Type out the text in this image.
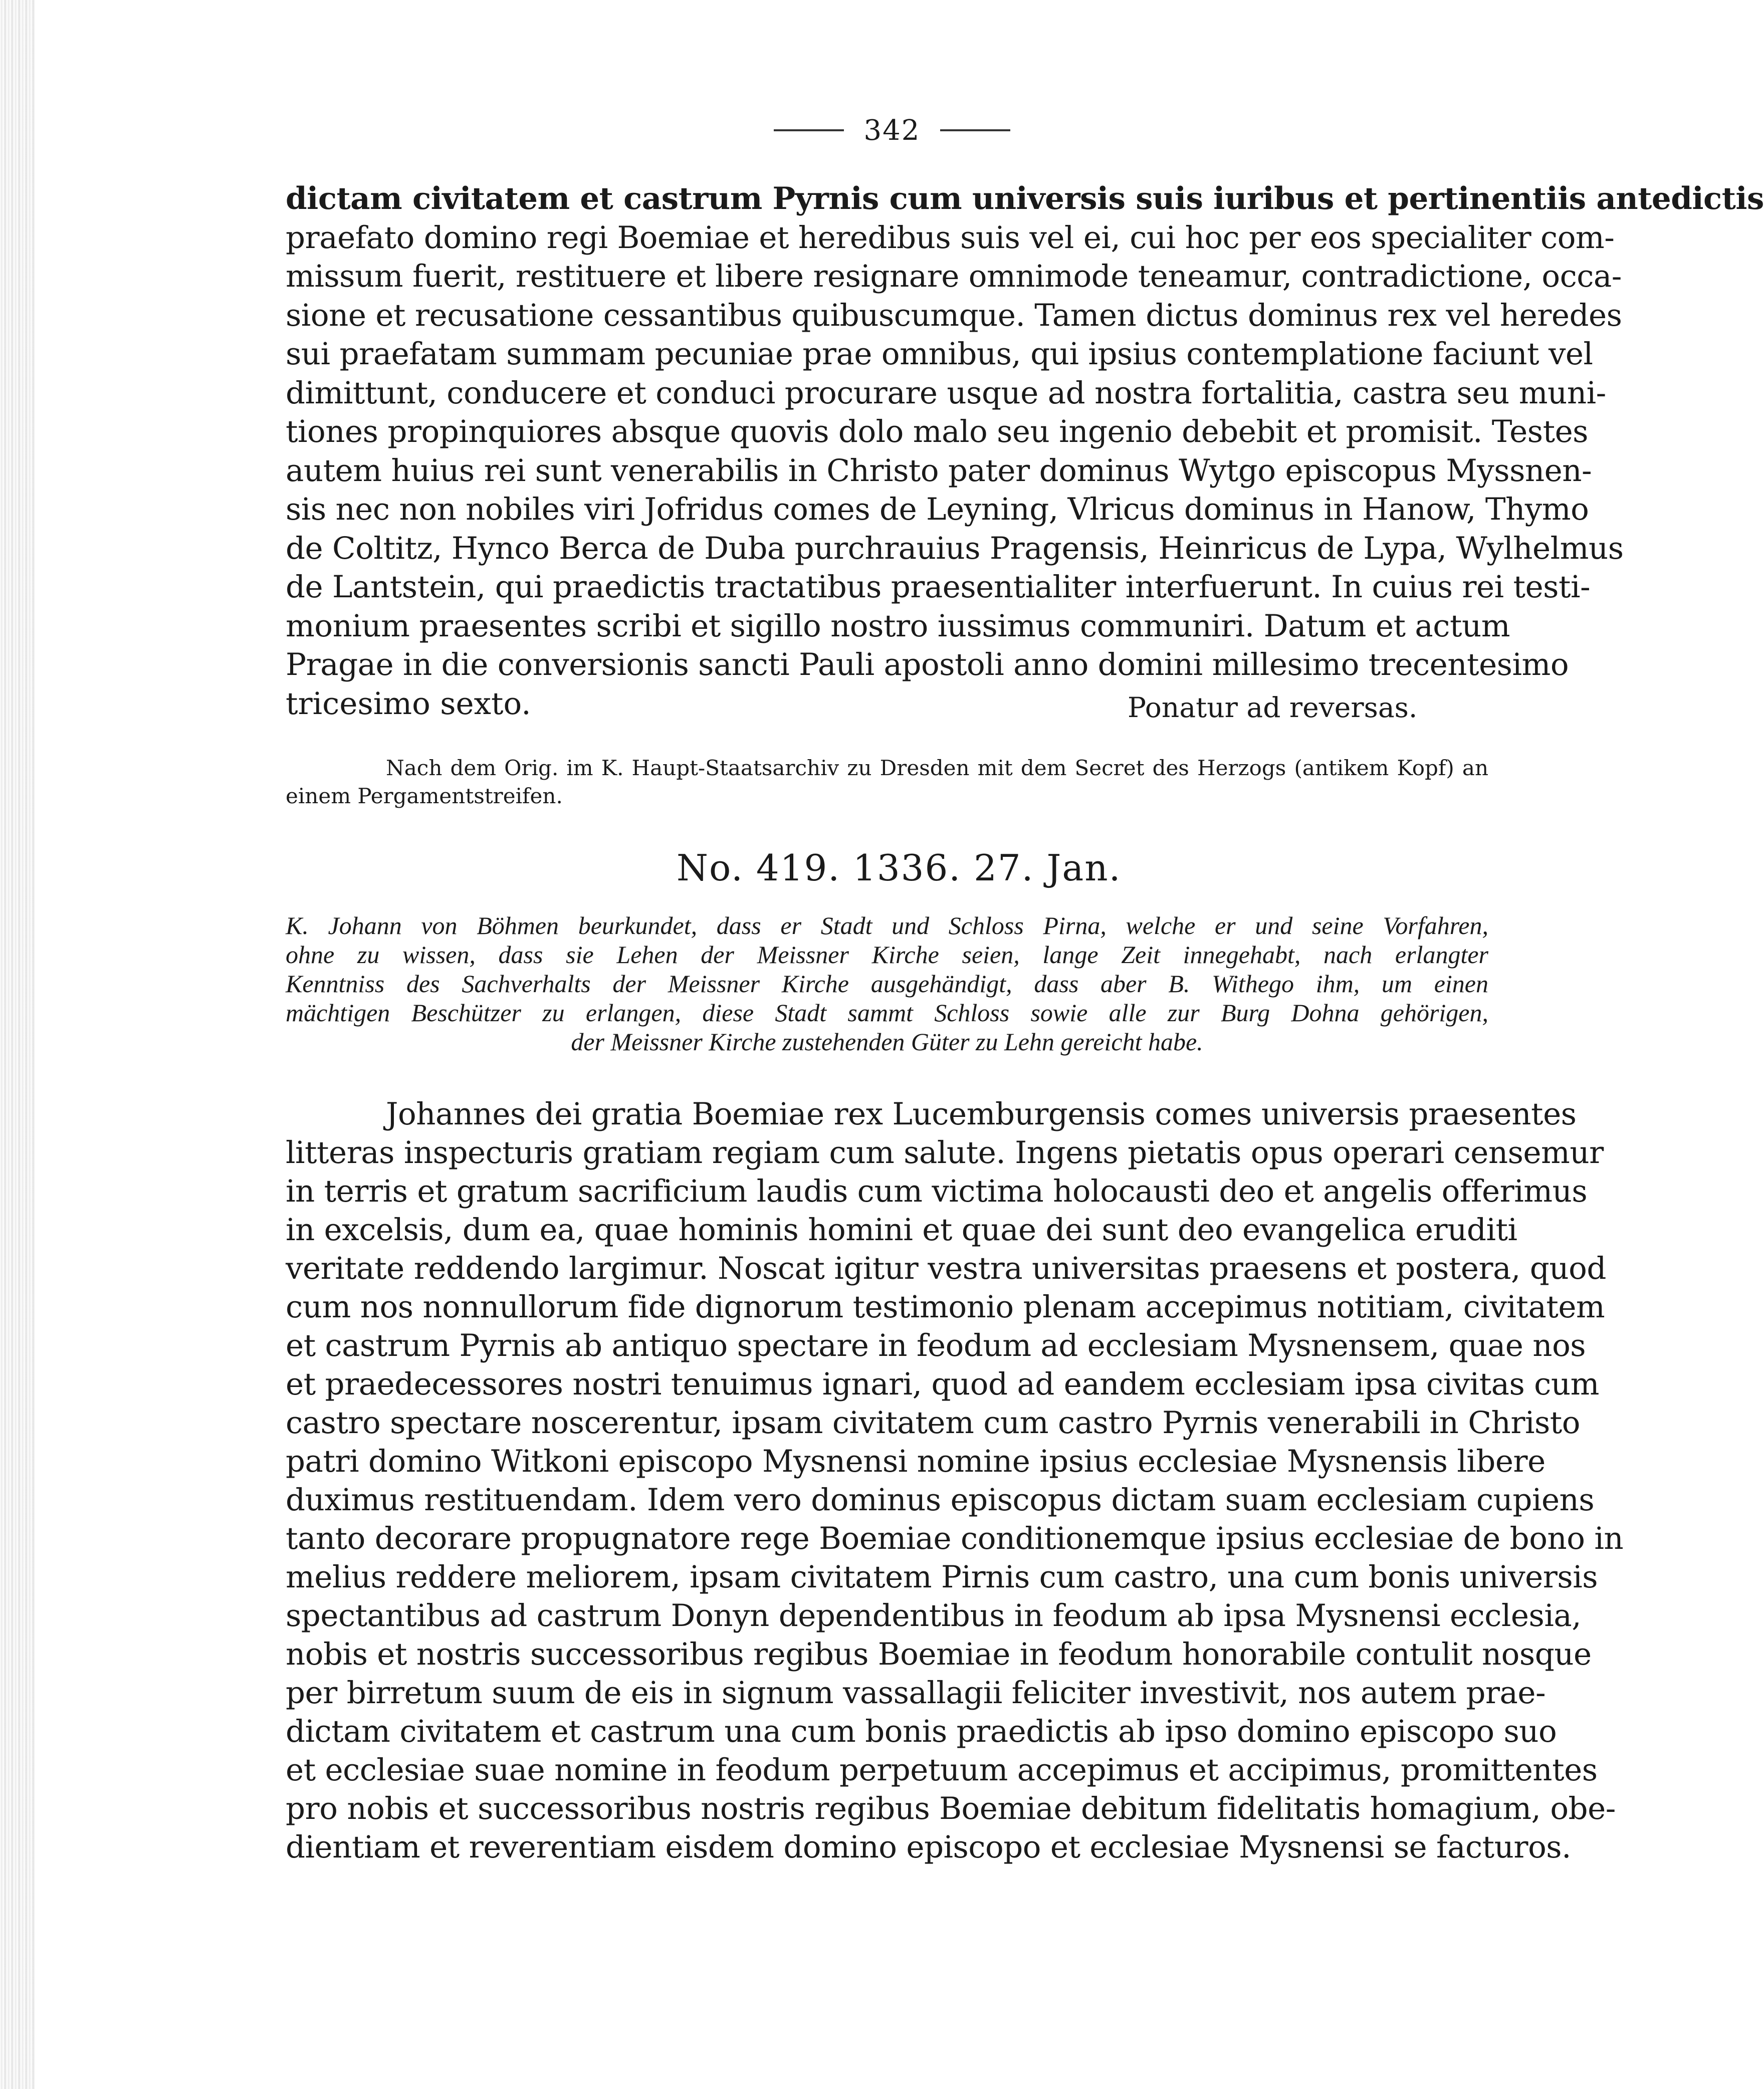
342

dictam civitatem et castrum Pyrnis cum universis suis iuribus et pertinentiis antedictis

praefato domino regi Boemiae et heredibus suis vel ei, cui hoc per eos specialiter com-

missum fuerit, restituere et libere resignare omnimode teneamur, contradictione, occa-

sione et recusatione cessantibus quibuscumque. Tamen dictus dominus rex vel heredes

sui praefatam summam pecuniae prae omnibus, qui ipsius contemplatione faciunt vel

dimittunt, conducere et conduci procurare usque ad nostra fortalitia, castra seu muni-

tiones propinquiores absque quovis dolo malo seu ingenio debebit et promisit. Testes

autem huius rei sunt venerabilis in Christo pater dominus Wytgo episcopus Myssnen-

sis nec non nobiles viri Jofridus comes de Leyning, Vlricus dominus in Hanow, Thymo

de Coltitz, Hynco Berca de Duba purchrauius Pragensis, Heinricus de Lypa, Wylhelmus

de Lantstein, qui praedictis tractatibus praesentialiter interfuerunt. In cuius rei testi-

monium praesentes scribi et sigillo nostro iussimus communiri. Datum et actum

Pragae in die conversionis sancti Pauli apostoli anno domini millesimo trecentesimo

tricesimo sexto.	Ponatur ad reversas.

Nach dem Orig. im K. Haupt-Staatsarchiv zu Dresden mit dem Secret des Herzogs (antikem Kopf) an

einem Pergamentstreifen.

No. 419. 1336. 27. Jan.

K. Johann von Böhmen beurkundet, dass er Stadt und Schloss Pirna, welche er und seine Vorfahren,

ohne zu wissen, dass sie Lehen der Meissner Kirche seien, lange Zeit innegehabt, nach erlangter

Kenntniss des Sachverhalts der Meissner Kirche ausgehändigt, dass aber B. Withego ihm, um einen

mächtigen Beschützer zu erlangen, diese Stadt sammt Schloss sowie alle zur Burg Dohna gehörigen,

der Meissner Kirche zustehenden Güter zu Lehn gereicht habe.

Johannes dei gratia Boemiae rex Lucemburgensis comes universis praesentes

litteras inspecturis gratiam regiam cum salute. Ingens pietatis opus operari censemur

in terris et gratum sacrificium laudis cum victima holocausti deo et angelis offerimus

in excelsis, dum ea, quae hominis homini et quae dei sunt deo evangelica eruditi

veritate reddendo largimur. Noscat igitur vestra universitas praesens et postera, quod

cum nos nonnullorum fide dignorum testimonio plenam accepimus notitiam, civitatem

et castrum Pyrnis ab antiquo spectare in feodum ad ecclesiam Mysnensem, quae nos

et praedecessores nostri tenuimus ignari, quod ad eandem ecclesiam ipsa civitas cum

castro spectare noscerentur, ipsam civitatem cum castro Pyrnis venerabili in Christo

patri domino Witkoni episcopo Mysnensi nomine ipsius ecclesiae Mysnensis libere

duximus restituendam. Idem vero dominus episcopus dictam suam ecclesiam cupiens

tanto decorare propugnatore rege Boemiae conditionemque ipsius ecclesiae de bono in

melius reddere meliorem, ipsam civitatem Pirnis cum castro, una cum bonis universis

spectantibus ad castrum Donyn dependentibus in feodum ab ipsa Mysnensi ecclesia,

nobis et nostris successoribus regibus Boemiae in feodum honorabile contulit nosque

per birretum suum de eis in signum vassallagii feliciter investivit, nos autem prae-

dictam civitatem et castrum una cum bonis praedictis ab ipso domino episcopo suo

et ecclesiae suae nomine in feodum perpetuum accepimus et accipimus, promittentes

pro nobis et successoribus nostris regibus Boemiae debitum fidelitatis homagium, obe-

dientiam et reverentiam eisdem domino episcopo et ecclesiae Mysnensi se facturos.
